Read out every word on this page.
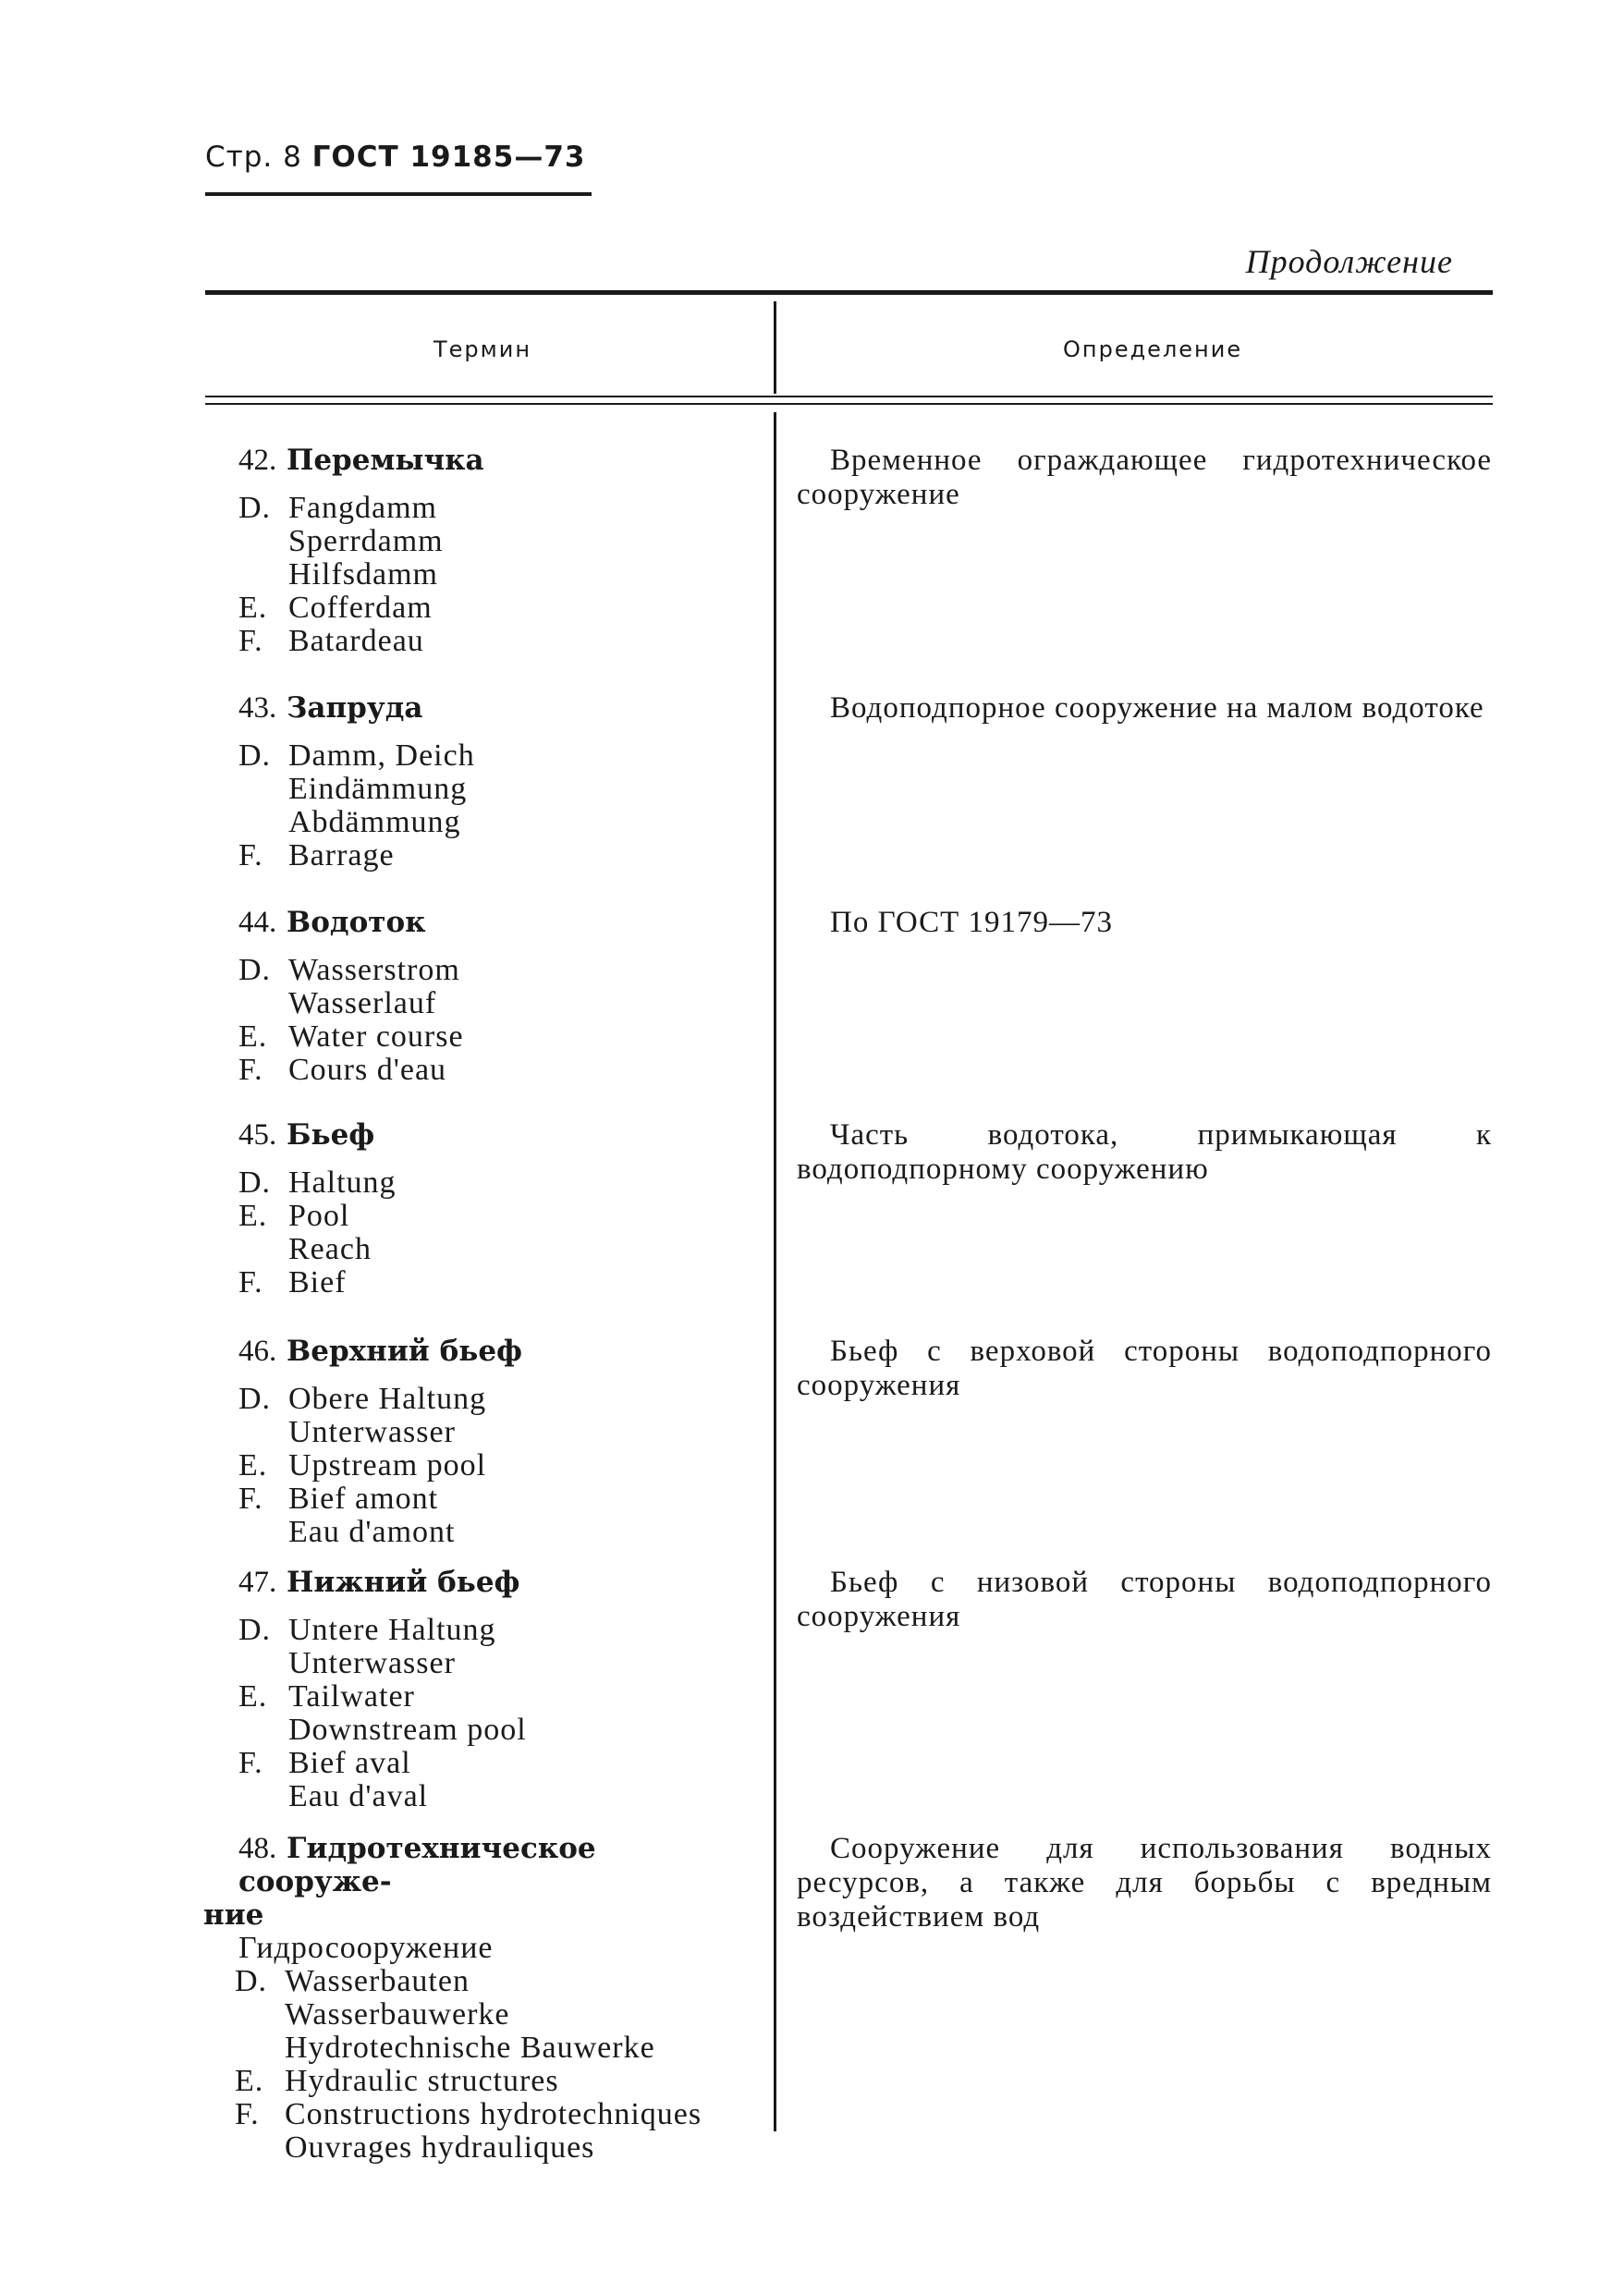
Стр. 8 ГОСТ 19185—73
Продолжение
Термин	Определение
42. Перемычка
D. Fangdamm
Sperrdamm
Hilfsdamm
E. Cofferdam
F. Batardeau
Временное ограждающее гидротехническое сооружение
43. Запруда
D. Damm, Deich
Eindämmung
Abdämmung
F. Barrage
Водоподпорное сооружение на малом водотоке
44. Водоток
D. Wasserstrom
Wasserlauf
E. Water course
F. Cours d'eau
По ГОСТ 19179—73
45. Бьеф
D. Haltung
E. Pool
Reach
F. Bief
Часть водотока, примыкающая к водоподпорному сооружению
46. Верхний бьеф
D. Obere Haltung
Unterwasser
E. Upstream pool
F. Bief amont
Eau d'amont
Бьеф с верховой стороны водоподпорного сооружения
47. Нижний бьеф
D. Untere Haltung
Unterwasser
E. Tailwater
Downstream pool
F. Bief aval
Eau d'aval
Бьеф с низовой стороны водоподпорного сооружения
48. Гидротехническое сооруже-
ние
Гидросооружение
D. Wasserbauten
Wasserbauwerke
Hydrotechnische Bauwerke
E. Hydraulic structures
F. Constructions hydrotechniques
Ouvrages hydrauliques
Сооружение для использования водных ресурсов, а также для борьбы с вредным воздействием вод
